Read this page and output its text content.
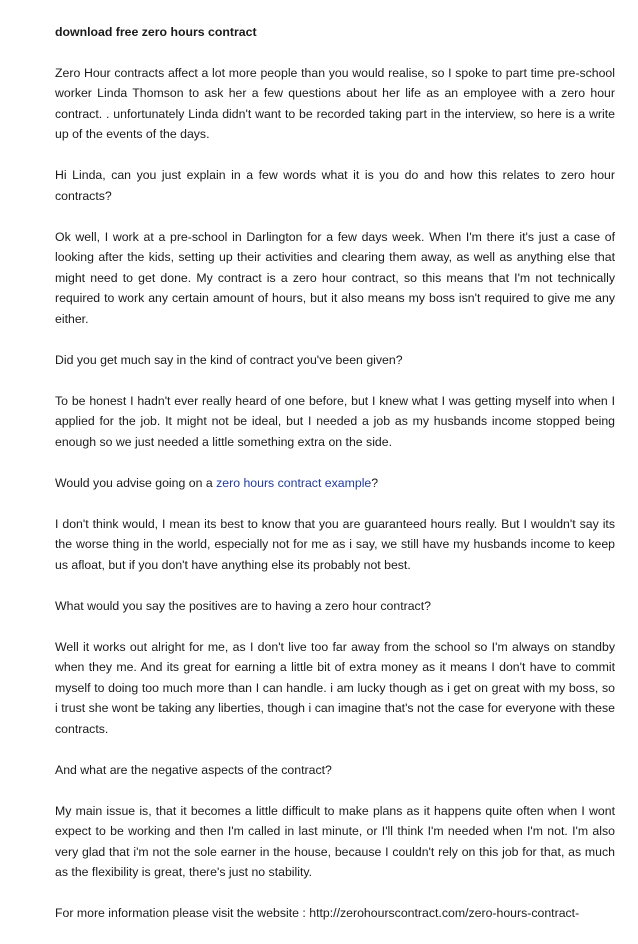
download free zero hours contract

Zero Hour contracts affect a lot more people than you would realise, so I spoke to part time pre-school worker Linda Thomson to ask her a few questions about her life as an employee with a zero hour contract. . unfortunately Linda didn't want to be recorded taking part in the interview, so here is a write up of the events of the days.

Hi Linda, can you just explain in a few words what it is you do and how this relates to zero hour contracts?

Ok well, I work at a pre-school in Darlington for a few days week. When I'm there it's just a case of looking after the kids, setting up their activities and clearing them away, as well as anything else that might need to get done. My contract is a zero hour contract, so this means that I'm not technically required to work any certain amount of hours, but it also means my boss isn't required to give me any either.

Did you get much say in the kind of contract you've been given?

To be honest I hadn't ever really heard of one before, but I knew what I was getting myself into when I applied for the job. It might not be ideal, but I needed a job as my husbands income stopped being enough so we just needed a little something extra on the side.

Would you advise going on a zero hours contract example?

I don't think would, I mean its best to know that you are guaranteed hours really. But I wouldn't say its the worse thing in the world, especially not for me as i say, we still have my husbands income to keep us afloat, but if you don't have anything else its probably not best.

What would you say the positives are to having a zero hour contract?

Well it works out alright for me, as I don't live too far away from the school so I'm always on standby when they me. And its great for earning a little bit of extra money as it means I don't have to commit myself to doing too much more than I can handle. i am lucky though as i get on great with my boss, so i trust she wont be taking any liberties, though i can imagine that's not the case for everyone with these contracts.

And what are the negative aspects of the contract?

My main issue is, that it becomes a little difficult to make plans as it happens quite often when I wont expect to be working and then I'm called in last minute, or I'll think I'm needed when I'm not. I'm also very glad that i'm not the sole earner in the house, because I couldn't rely on this job for that, as much as the flexibility is great, there's just no stability.

For more information please visit the website : http://zerohourscontract.com/zero-hours-contract-
